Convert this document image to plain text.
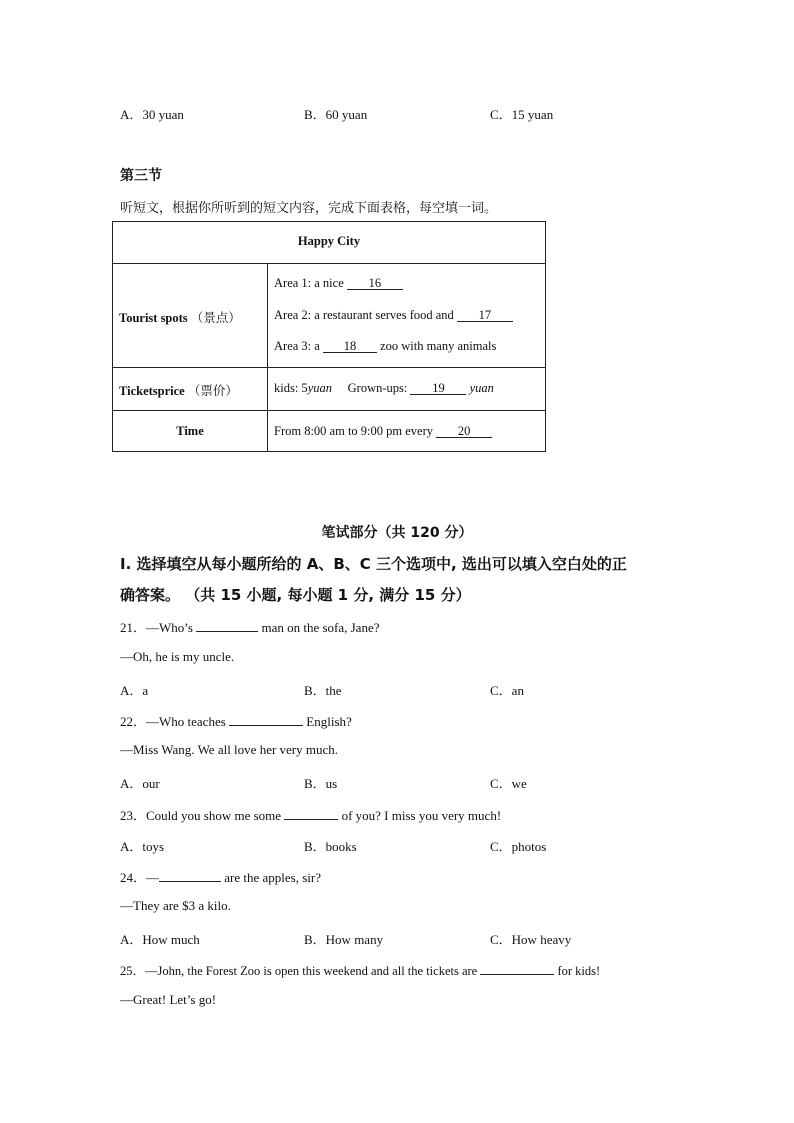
A．30 yuan	B．60 yuan	C．15 yuan
第三节
听短文，根据你所听到的短文内容，完成下面表格，每空填一词。
Happy City
Tourist spots （景点）
Area 1: a nice 16
Area 2: a restaurant serves food and 17
Area 3: a 18 zoo with many animals
Ticketsprice （票价）	kids: 5yuan Grown-ups: 19 yuan
Time	From 8:00 am to 9:00 pm every 20
笔试部分（共 120 分）
I. 选择填空从每小题所给的 A、B、C 三个选项中, 选出可以填入空白处的正
确答案。 （共 15 小题, 每小题 1 分, 满分 15 分）
21．—Who’s	man on the sofa, Jane?
—Oh, he is my uncle.
A．a	B．the	C．an
22．—Who teaches	English?
—Miss Wang. We all love her very much.
A．our	B．us	C．we
23．Could you show me some	of you? I miss you very much!
A．toys	B．books	C．photos
24．—	are the apples, sir?
—They are $3 a kilo.
A．How much	B．How many	C．How heavy
25．—John, the Forest Zoo is open this weekend and all the tickets are	for kids!
—Great! Let’s go!
